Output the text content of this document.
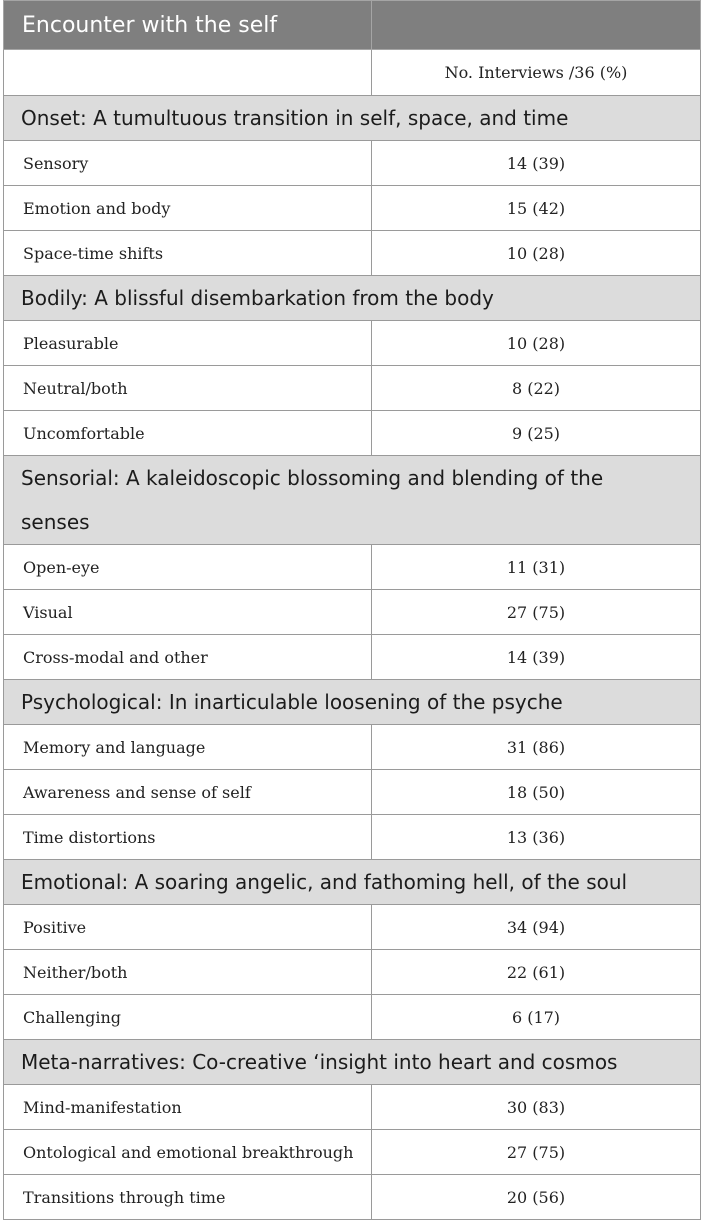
Encounter with the self	
	No. Interviews /36 (%)
Onset: A tumultuous transition in self, space, and time	
Sensory	14 (39)
Emotion and body	15 (42)
Space-time shifts	10 (28)
Bodily: A blissful disembarkation from the body	
Pleasurable	10 (28)
Neutral/both	8 (22)
Uncomfortable	9 (25)
Sensorial: A kaleidoscopic blossoming and blending of the senses	
Open-eye	11 (31)
Visual	27 (75)
Cross-modal and other	14 (39)
Psychological: In inarticulable loosening of the psyche	
Memory and language	31 (86)
Awareness and sense of self	18 (50)
Time distortions	13 (36)
Emotional: A soaring angelic, and fathoming hell, of the soul	
Positive	34 (94)
Neither/both	22 (61)
Challenging	6 (17)
Meta-narratives: Co-creative ‘insight into heart and cosmos	
Mind-manifestation	30 (83)
Ontological and emotional breakthrough	27 (75)
Transitions through time	20 (56)
